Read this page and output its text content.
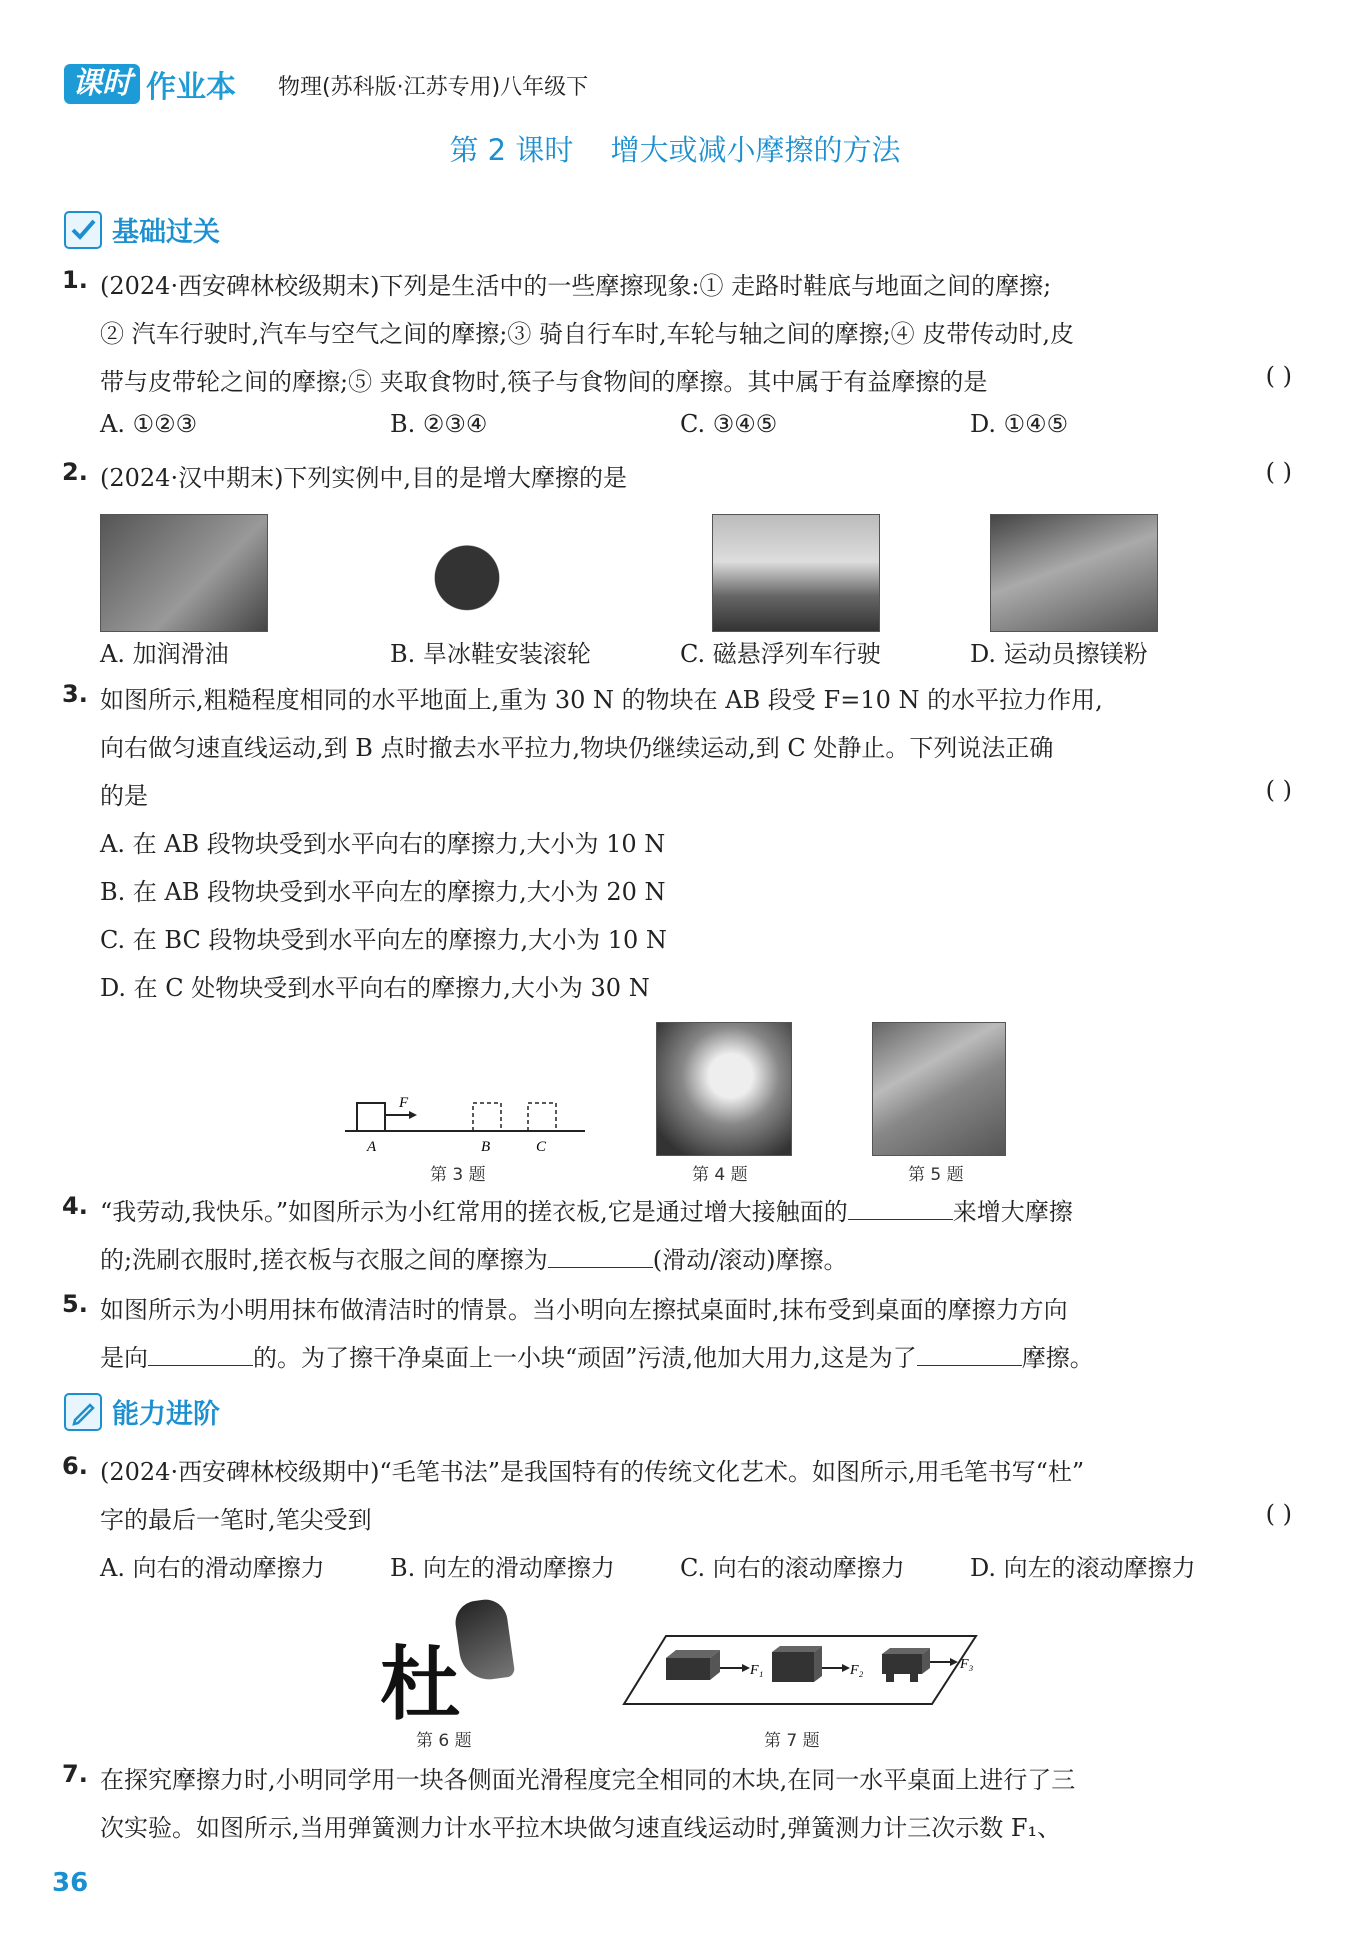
课时 作业本 物理(苏科版·江苏专用)八年级下
第 2 课时 增大或减小摩擦的方法
基础过关
1. (2024·西安碑林校级期末)下列是生活中的一些摩擦现象:① 走路时鞋底与地面之间的摩擦;
② 汽车行驶时,汽车与空气之间的摩擦;③ 骑自行车时,车轮与轴之间的摩擦;④ 皮带传动时,皮
带与皮带轮之间的摩擦;⑤ 夹取食物时,筷子与食物间的摩擦。其中属于有益摩擦的是	( )
A. ①②③	B. ②③④	C. ③④⑤	D. ①④⑤
2. (2024·汉中期末)下列实例中,目的是增大摩擦的是	( )
A. 加润滑油	B. 旱冰鞋安装滚轮	C. 磁悬浮列车行驶	D. 运动员擦镁粉
3. 如图所示,粗糙程度相同的水平地面上,重为 30 N 的物块在 AB 段受 F=10 N 的水平拉力作用,
向右做匀速直线运动,到 B 点时撤去水平拉力,物块仍继续运动,到 C 处静止。下列说法正确
的是	( )
A. 在 AB 段物块受到水平向右的摩擦力,大小为 10 N
B. 在 AB 段物块受到水平向左的摩擦力,大小为 20 N
C. 在 BC 段物块受到水平向左的摩擦力,大小为 10 N
D. 在 C 处物块受到水平向右的摩擦力,大小为 30 N
F
A	B	C
第 3 题	第 4 题	第 5 题
4. “我劳动,我快乐。”如图所示为小红常用的搓衣板,它是通过增大接触面的	来增大摩擦
的;洗刷衣服时,搓衣板与衣服之间的摩擦为	(滑动/滚动)摩擦。
5. 如图所示为小明用抹布做清洁时的情景。当小明向左擦拭桌面时,抹布受到桌面的摩擦力方向
是向	的。为了擦干净桌面上一小块“顽固”污渍,他加大用力,这是为了	摩擦。
能力进阶
6. (2024·西安碑林校级期中)“毛笔书法”是我国特有的传统文化艺术。如图所示,用毛笔书写“杜”
字的最后一笔时,笔尖受到	( )
A. 向右的滑动摩擦力	B. 向左的滑动摩擦力	C. 向右的滚动摩擦力	D. 向左的滚动摩擦力
杜
第 6 题
F₁	F₂	F₃
第 7 题
7. 在探究摩擦力时,小明同学用一块各侧面光滑程度完全相同的木块,在同一水平桌面上进行了三
次实验。如图所示,当用弹簧测力计水平拉木块做匀速直线运动时,弹簧测力计三次示数 F₁、
36
